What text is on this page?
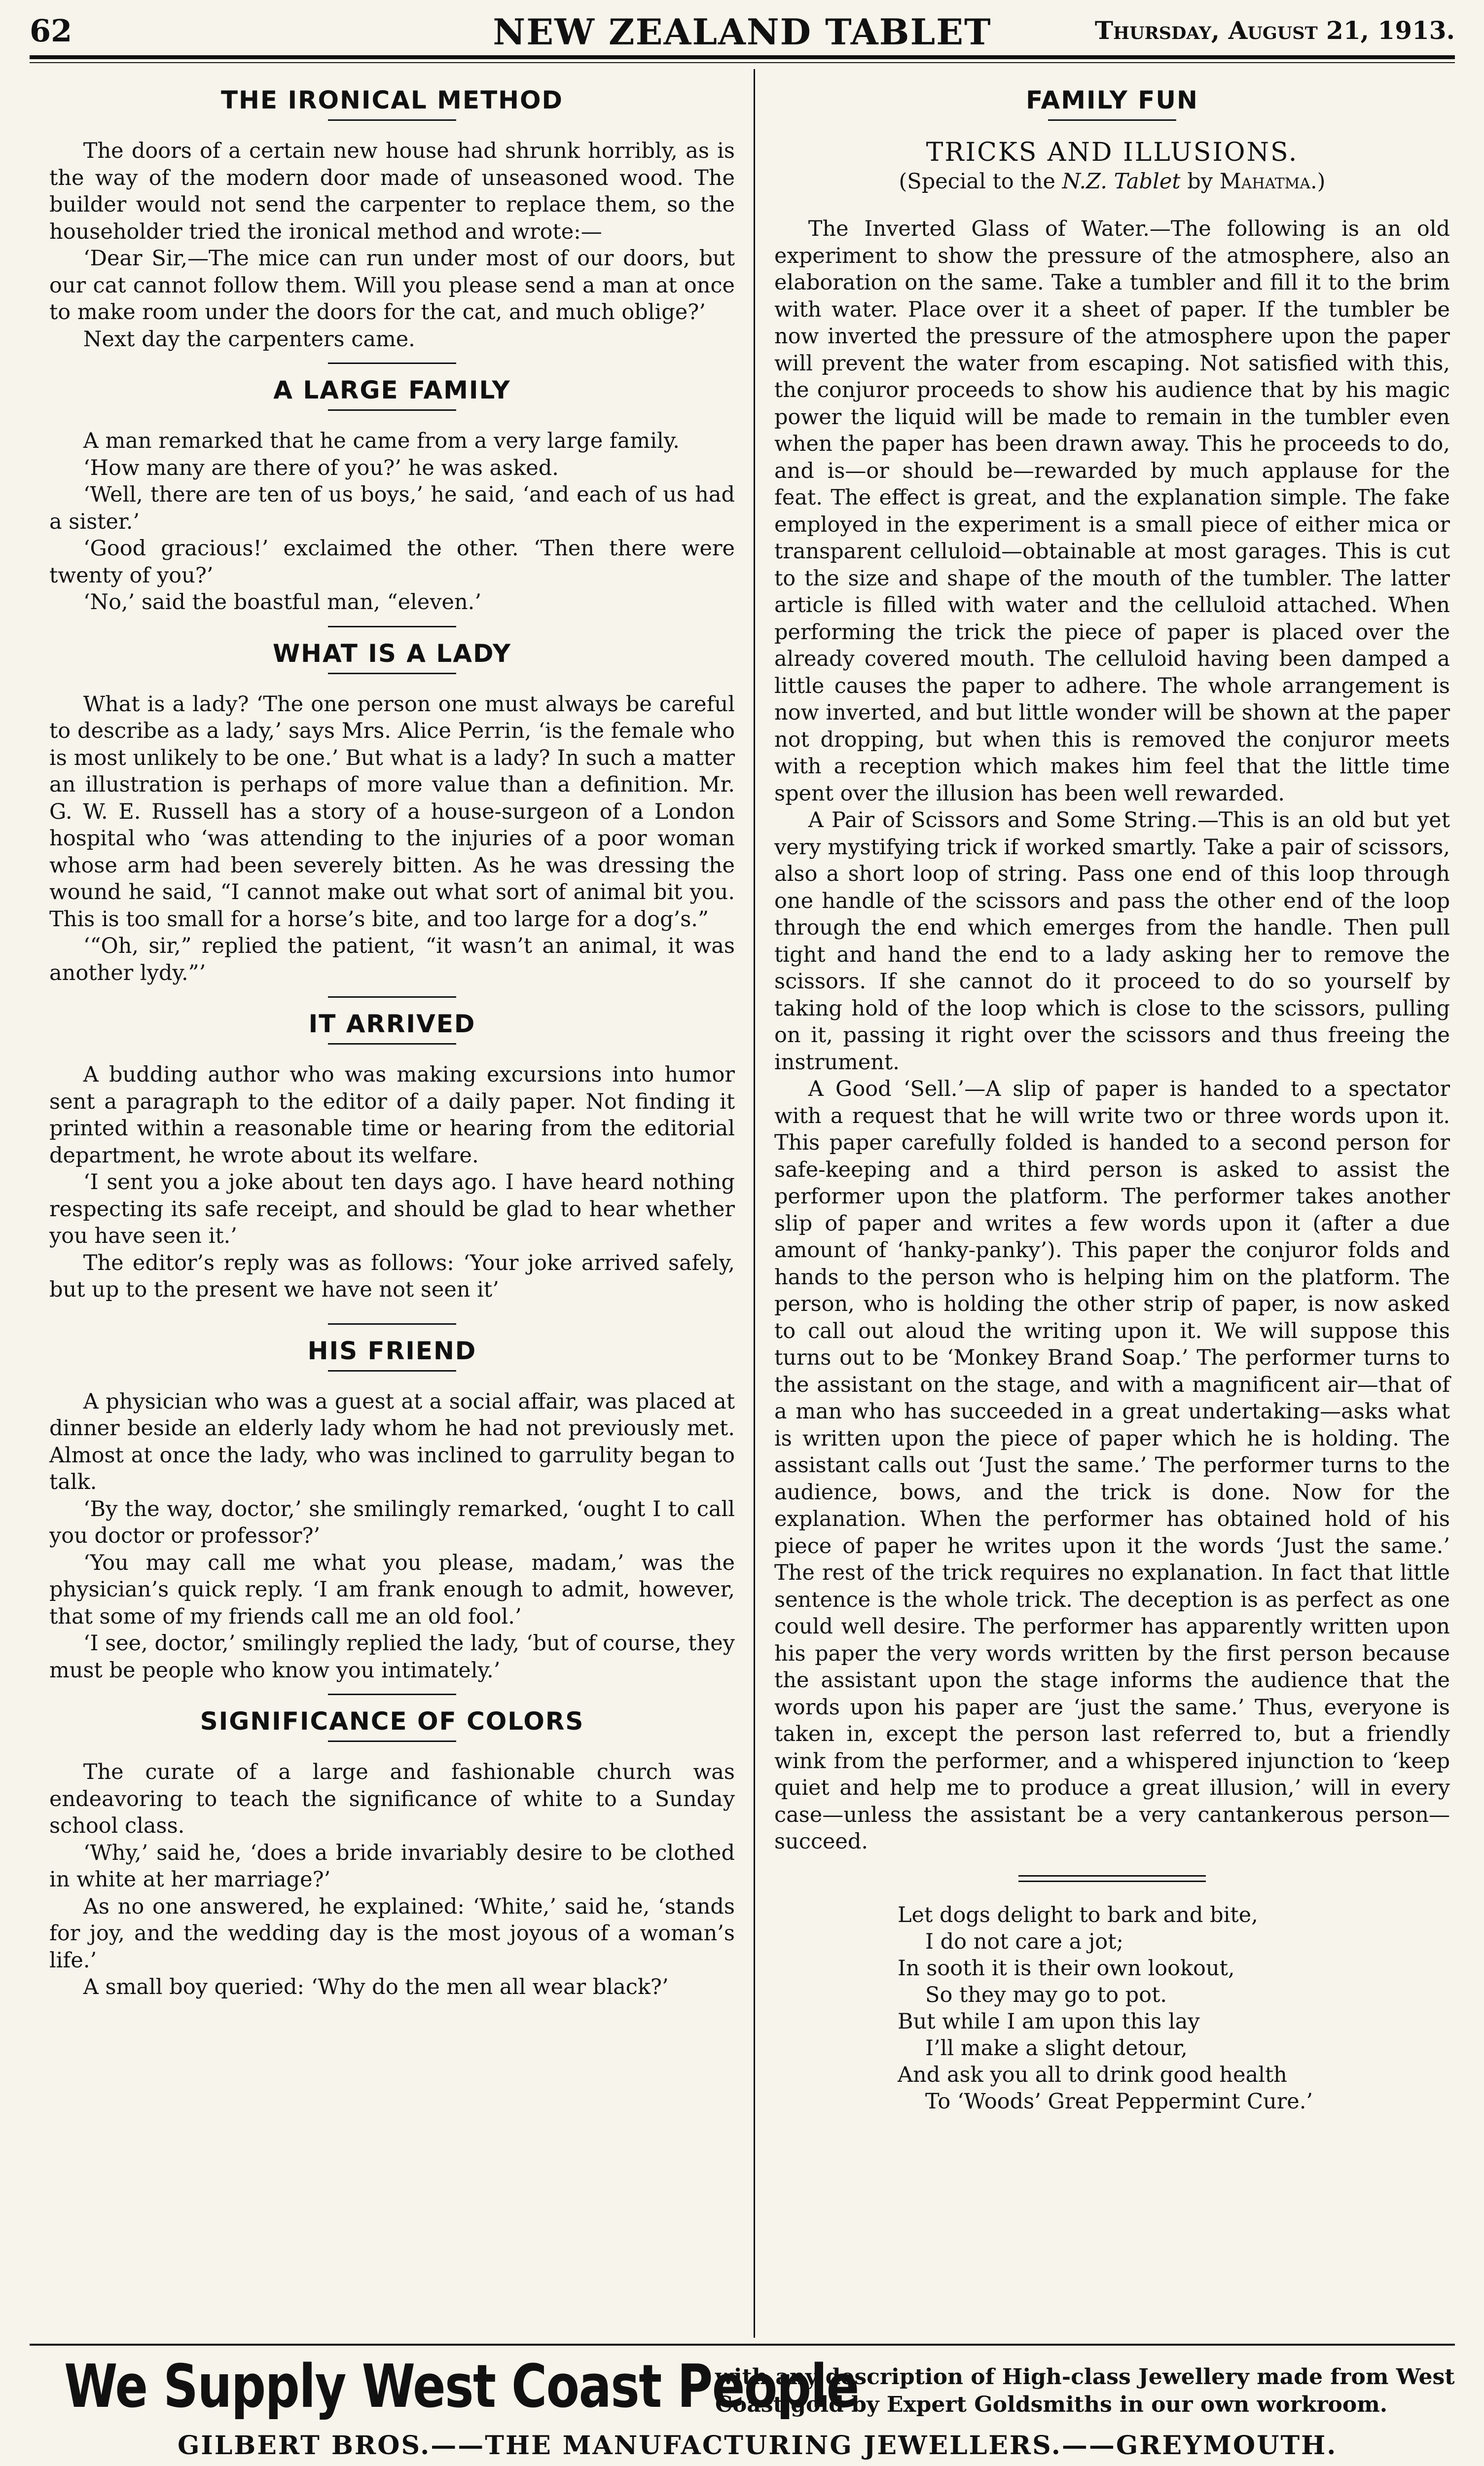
62	NEW ZEALAND TABLET	Thursday, August 21, 1913.
THE IRONICAL METHOD

The doors of a certain new house had shrunk horribly, as is the way of the modern door made of unseasoned wood. The builder would not send the carpenter to replace them, so the householder tried the ironical method and wrote:—

‘Dear Sir,—The mice can run under most of our doors, but our cat cannot follow them. Will you please send a man at once to make room under the doors for the cat, and much oblige?’

Next day the carpenters came.

A LARGE FAMILY

A man remarked that he came from a very large family.

‘How many are there of you?’ he was asked.

‘Well, there are ten of us boys,’ he said, ‘and each of us had a sister.’

‘Good gracious!’ exclaimed the other. ‘Then there were twenty of you?’

‘No,’ said the boastful man, “eleven.’

WHAT IS A LADY

What is a lady? ‘The one person one must always be careful to describe as a lady,’ says Mrs. Alice Perrin, ‘is the female who is most unlikely to be one.’ But what is a lady? In such a matter an illustration is perhaps of more value than a definition. Mr. G. W. E. Russell has a story of a house-surgeon of a London hospital who ‘was attending to the injuries of a poor woman whose arm had been severely bitten. As he was dressing the wound he said, “I cannot make out what sort of animal bit you. This is too small for a horse’s bite, and too large for a dog’s.”

‘“Oh, sir,” replied the patient, “it wasn’t an animal, it was another lydy.”’

IT ARRIVED

A budding author who was making excursions into humor sent a paragraph to the editor of a daily paper. Not finding it printed within a reasonable time or hearing from the editorial department, he wrote about its welfare.

‘I sent you a joke about ten days ago. I have heard nothing respecting its safe receipt, and should be glad to hear whether you have seen it.’

The editor’s reply was as follows: ‘Your joke arrived safely, but up to the present we have not seen it’

HIS FRIEND

A physician who was a guest at a social affair, was placed at dinner beside an elderly lady whom he had not previously met. Almost at once the lady, who was inclined to garrulity began to talk.

‘By the way, doctor,’ she smilingly remarked, ‘ought I to call you doctor or professor?’

‘You may call me what you please, madam,’ was the physician’s quick reply. ‘I am frank enough to admit, however, that some of my friends call me an old fool.’

‘I see, doctor,’ smilingly replied the lady, ‘but of course, they must be people who know you intimately.’

SIGNIFICANCE OF COLORS

The curate of a large and fashionable church was endeavoring to teach the significance of white to a Sunday school class.

‘Why,’ said he, ‘does a bride invariably desire to be clothed in white at her marriage?’

As no one answered, he explained: ‘White,’ said he, ‘stands for joy, and the wedding day is the most joyous of a woman’s life.’

A small boy queried: ‘Why do the men all wear black?’

FAMILY FUN
TRICKS AND ILLUSIONS.
(Special to the N.Z. Tablet by Mahatma.)

The Inverted Glass of Water.—The following is an old experiment to show the pressure of the atmosphere, also an elaboration on the same. Take a tumbler and fill it to the brim with water. Place over it a sheet of paper. If the tumbler be now inverted the pressure of the atmosphere upon the paper will prevent the water from escaping. Not satisfied with this, the conjuror proceeds to show his audience that by his magic power the liquid will be made to remain in the tumbler even when the paper has been drawn away. This he proceeds to do, and is—or should be—rewarded by much applause for the feat. The effect is great, and the explanation simple. The fake employed in the experiment is a small piece of either mica or transparent celluloid—obtainable at most garages. This is cut to the size and shape of the mouth of the tumbler. The latter article is filled with water and the celluloid attached. When performing the trick the piece of paper is placed over the already covered mouth. The celluloid having been damped a little causes the paper to adhere. The whole arrangement is now inverted, and but little wonder will be shown at the paper not dropping, but when this is removed the conjuror meets with a reception which makes him feel that the little time spent over the illusion has been well rewarded.

A Pair of Scissors and Some String.—This is an old but yet very mystifying trick if worked smartly. Take a pair of scissors, also a short loop of string. Pass one end of this loop through one handle of the scissors and pass the other end of the loop through the end which emerges from the handle. Then pull tight and hand the end to a lady asking her to remove the scissors. If she cannot do it proceed to do so yourself by taking hold of the loop which is close to the scissors, pulling on it, passing it right over the scissors and thus freeing the instrument.

A Good ‘Sell.’—A slip of paper is handed to a spectator with a request that he will write two or three words upon it. This paper carefully folded is handed to a second person for safe-keeping and a third person is asked to assist the performer upon the platform. The performer takes another slip of paper and writes a few words upon it (after a due amount of ‘hanky-panky’). This paper the conjuror folds and hands to the person who is helping him on the platform. The person, who is holding the other strip of paper, is now asked to call out aloud the writing upon it. We will suppose this turns out to be ‘Monkey Brand Soap.’ The performer turns to the assistant on the stage, and with a magnificent air—that of a man who has succeeded in a great undertaking—asks what is written upon the piece of paper which he is holding. The assistant calls out ‘Just the same.’ The performer turns to the audience, bows, and the trick is done. Now for the explanation. When the performer has obtained hold of his piece of paper he writes upon it the words ‘Just the same.’ The rest of the trick requires no explanation. In fact that little sentence is the whole trick. The deception is as perfect as one could well desire. The performer has apparently written upon his paper the very words written by the first person because the assistant upon the stage informs the audience that the words upon his paper are ‘just the same.’ Thus, everyone is taken in, except the person last referred to, but a friendly wink from the performer, and a whispered injunction to ‘keep quiet and help me to produce a great illusion,’ will in every case—unless the assistant be a very cantankerous person—succeed.

Let dogs delight to bark and bite,
I do not care a jot;
In sooth it is their own lookout,
So they may go to pot.
But while I am upon this lay
I’ll make a slight detour,
And ask you all to drink good health
To ‘Woods’ Great Peppermint Cure.’
We Supply West Coast People
with any description of High-class Jewellery made from West
Coast gold by Expert Goldsmiths in our own workroom.
GILBERT BROS.——THE MANUFACTURING JEWELLERS.——GREYMOUTH.
